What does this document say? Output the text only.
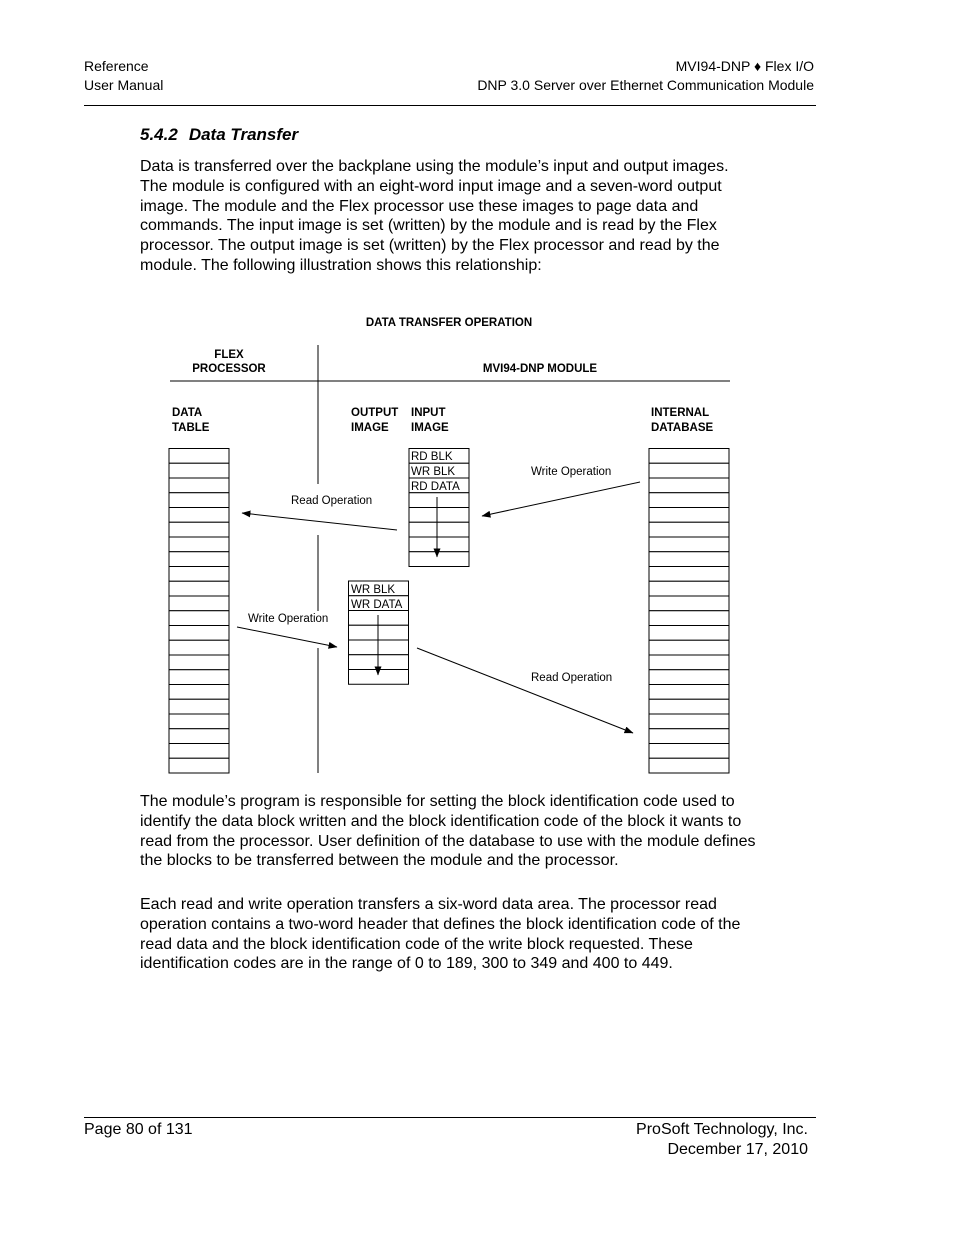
Reference
User Manual
MVI94-DNP ♦ Flex I/O
DNP 3.0 Server over Ethernet Communication Module
5.4.2 Data Transfer

Data is transferred over the backplane using the module’s input and output images. The module is configured with an eight-word input image and a seven-word output image. The module and the Flex processor use these images to page data and commands. The input image is set (written) by the module and is read by the Flex processor. The output image is set (written) by the Flex processor and read by the module. The following illustration shows this relationship:

DATA TRANSFER OPERATION
FLEX
PROCESSOR	MVI94-DNP MODULE
DATA
TABLE
OUTPUT
IMAGE
INPUT
IMAGE
INTERNAL
DATABASE
RD BLK
WR BLK
RD DATA
WR BLK
WR DATA
Write Operation
Read Operation
Write Operation
Read Operation

The module’s program is responsible for setting the block identification code used to identify the data block written and the block identification code of the block it wants to read from the processor. User definition of the database to use with the module defines the blocks to be transferred between the module and the processor.

Each read and write operation transfers a six-word data area. The processor read operation contains a two-word header that defines the block identification code of the read data and the block identification code of the write block requested. These identification codes are in the range of 0 to 189, 300 to 349 and 400 to 449.

Page 80 of 131	ProSoft Technology, Inc.
December 17, 2010
